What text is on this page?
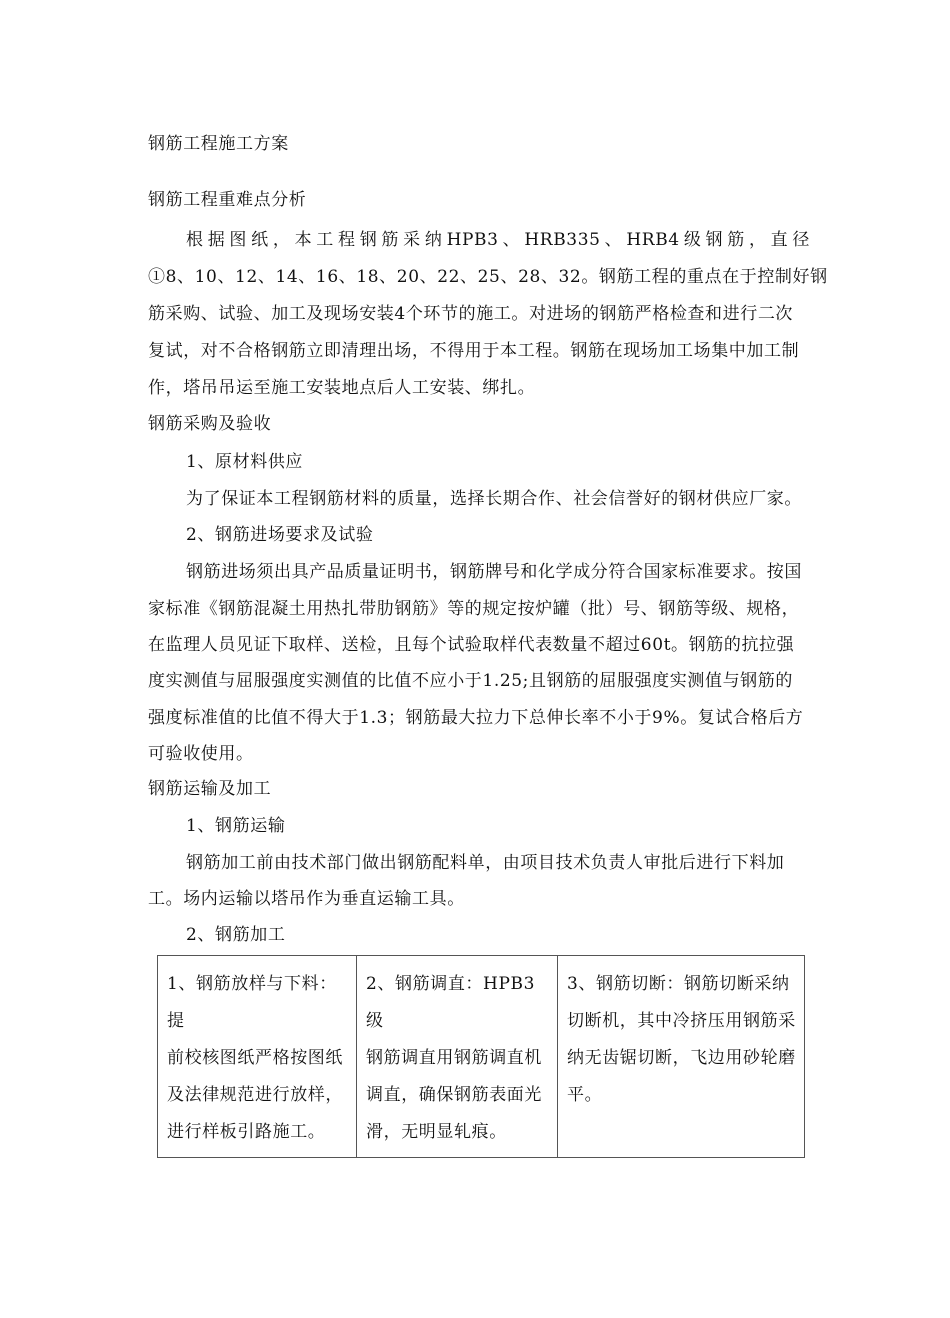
钢筋工程施工方案
钢筋工程重难点分析
根据图纸，本工程钢筋采纳HPB3、HRB335、HRB4级钢筋，直径
①8、10、12、14、16、18、20、22、25、28、32。钢筋工程的重点在于控制好钢
筋采购、试验、加工及现场安装4个环节的施工。对进场的钢筋严格检查和进行二次
复试，对不合格钢筋立即清理出场，不得用于本工程。钢筋在现场加工场集中加工制
作，塔吊吊运至施工安装地点后人工安装、绑扎。
钢筋采购及验收
1、原材料供应
为了保证本工程钢筋材料的质量，选择长期合作、社会信誉好的钢材供应厂家。
2、钢筋进场要求及试验
钢筋进场须出具产品质量证明书，钢筋牌号和化学成分符合国家标准要求。按国
家标准《钢筋混凝土用热扎带肋钢筋》等的规定按炉罐（批）号、钢筋等级、规格，
在监理人员见证下取样、送检，且每个试验取样代表数量不超过60t。钢筋的抗拉强
度实测值与屈服强度实测值的比值不应小于1.25;且钢筋的屈服强度实测值与钢筋的
强度标准值的比值不得大于1.3；钢筋最大拉力下总伸长率不小于9%。复试合格后方
可验收使用。
钢筋运输及加工
1、钢筋运输
钢筋加工前由技术部门做出钢筋配料单，由项目技术负责人审批后进行下料加
工。场内运输以塔吊作为垂直运输工具。
2、钢筋加工
1、钢筋放样与下料：提
前校核图纸严格按图纸
及法律规范进行放样，
进行样板引路施工。

2、钢筋调直：HPB3级
钢筋调直用钢筋调直机
调直，确保钢筋表面光
滑，无明显轧痕。

3、钢筋切断：钢筋切断采纳
切断机，其中冷挤压用钢筋采
纳无齿锯切断，飞边用砂轮磨
平。
